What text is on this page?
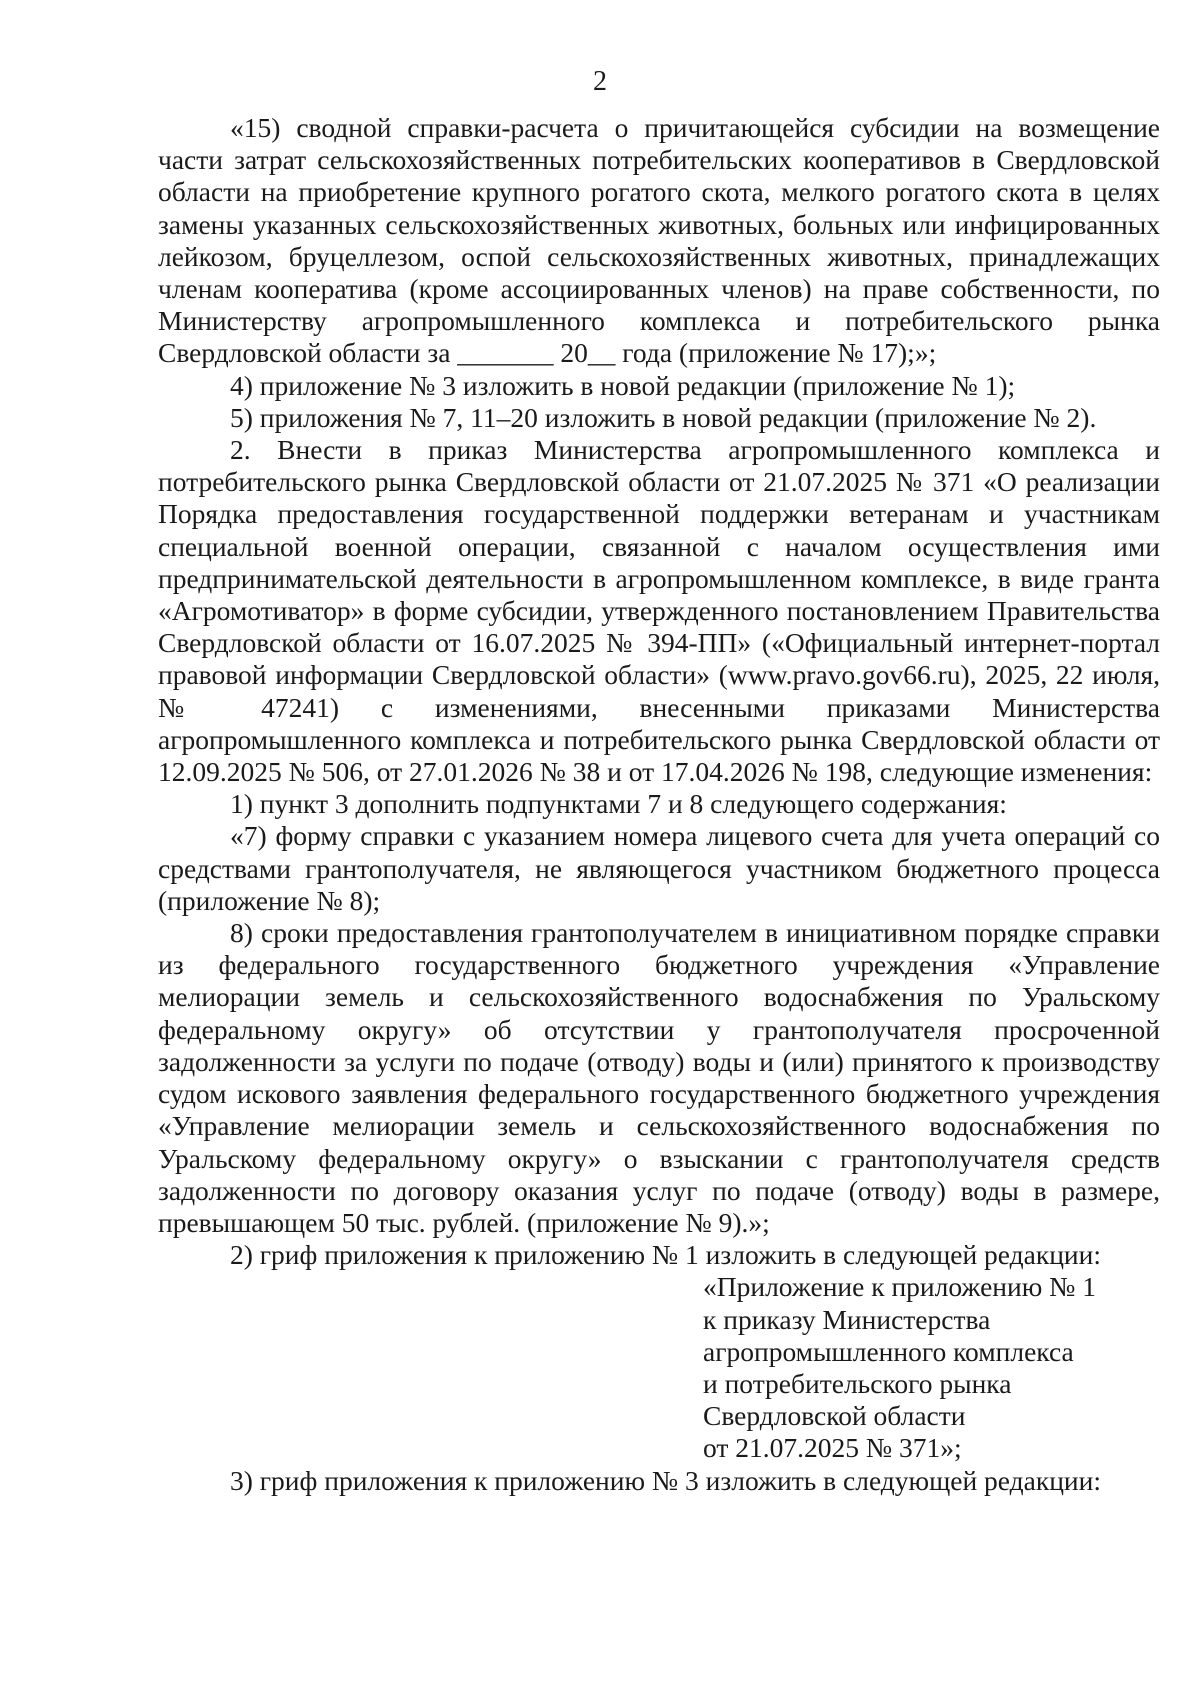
2

«15) сводной справки-расчета о причитающейся субсидии на возмещение части затрат сельскохозяйственных потребительских кооперативов в Свердловской области на приобретение крупного рогатого скота, мелкого рогатого скота в целях замены указанных сельскохозяйственных животных, больных или инфицированных лейкозом, бруцеллезом, оспой сельскохозяйственных животных, принадлежащих членам кооператива (кроме ассоциированных членов) на праве собственности, по Министерству агропромышленного комплекса и потребительского рынка Свердловской области за _______ 20__ года (приложение № 17);»;

4) приложение № 3 изложить в новой редакции (приложение № 1);

5) приложения № 7, 11–20 изложить в новой редакции (приложение № 2).

2. Внести в приказ Министерства агропромышленного комплекса и потребительского рынка Свердловской области от 21.07.2025 № 371 «О реализации Порядка предоставления государственной поддержки ветеранам и участникам специальной военной операции, связанной с началом осуществления ими предпринимательской деятельности в агропромышленном комплексе, в виде гранта «Агромотиватор» в форме субсидии, утвержденного постановлением Правительства Свердловской области от 16.07.2025 № 394-ПП» («Официальный интернет-портал правовой информации Свердловской области» (www.pravo.gov66.ru), 2025, 22 июля, № 47241) с изменениями, внесенными приказами Министерства агропромышленного комплекса и потребительского рынка Свердловской области от 12.09.2025 № 506, от 27.01.2026 № 38 и от 17.04.2026 № 198, следующие изменения:

1) пункт 3 дополнить подпунктами 7 и 8 следующего содержания:

«7) форму справки с указанием номера лицевого счета для учета операций со средствами грантополучателя, не являющегося участником бюджетного процесса (приложение № 8);

8) сроки предоставления грантополучателем в инициативном порядке справки из федерального государственного бюджетного учреждения «Управление мелиорации земель и сельскохозяйственного водоснабжения по Уральскому федеральному округу» об отсутствии у грантополучателя просроченной задолженности за услуги по подаче (отводу) воды и (или) принятого к производству судом искового заявления федерального государственного бюджетного учреждения «Управление мелиорации земель и сельскохозяйственного водоснабжения по Уральскому федеральному округу» о взыскании с грантополучателя средств задолженности по договору оказания услуг по подаче (отводу) воды в размере, превышающем 50 тыс. рублей. (приложение № 9).»;

2) гриф приложения к приложению № 1 изложить в следующей редакции:

«Приложение к приложению № 1
к приказу Министерства
агропромышленного комплекса
и потребительского рынка
Свердловской области
от 21.07.2025 № 371»;

3) гриф приложения к приложению № 3 изложить в следующей редакции:
